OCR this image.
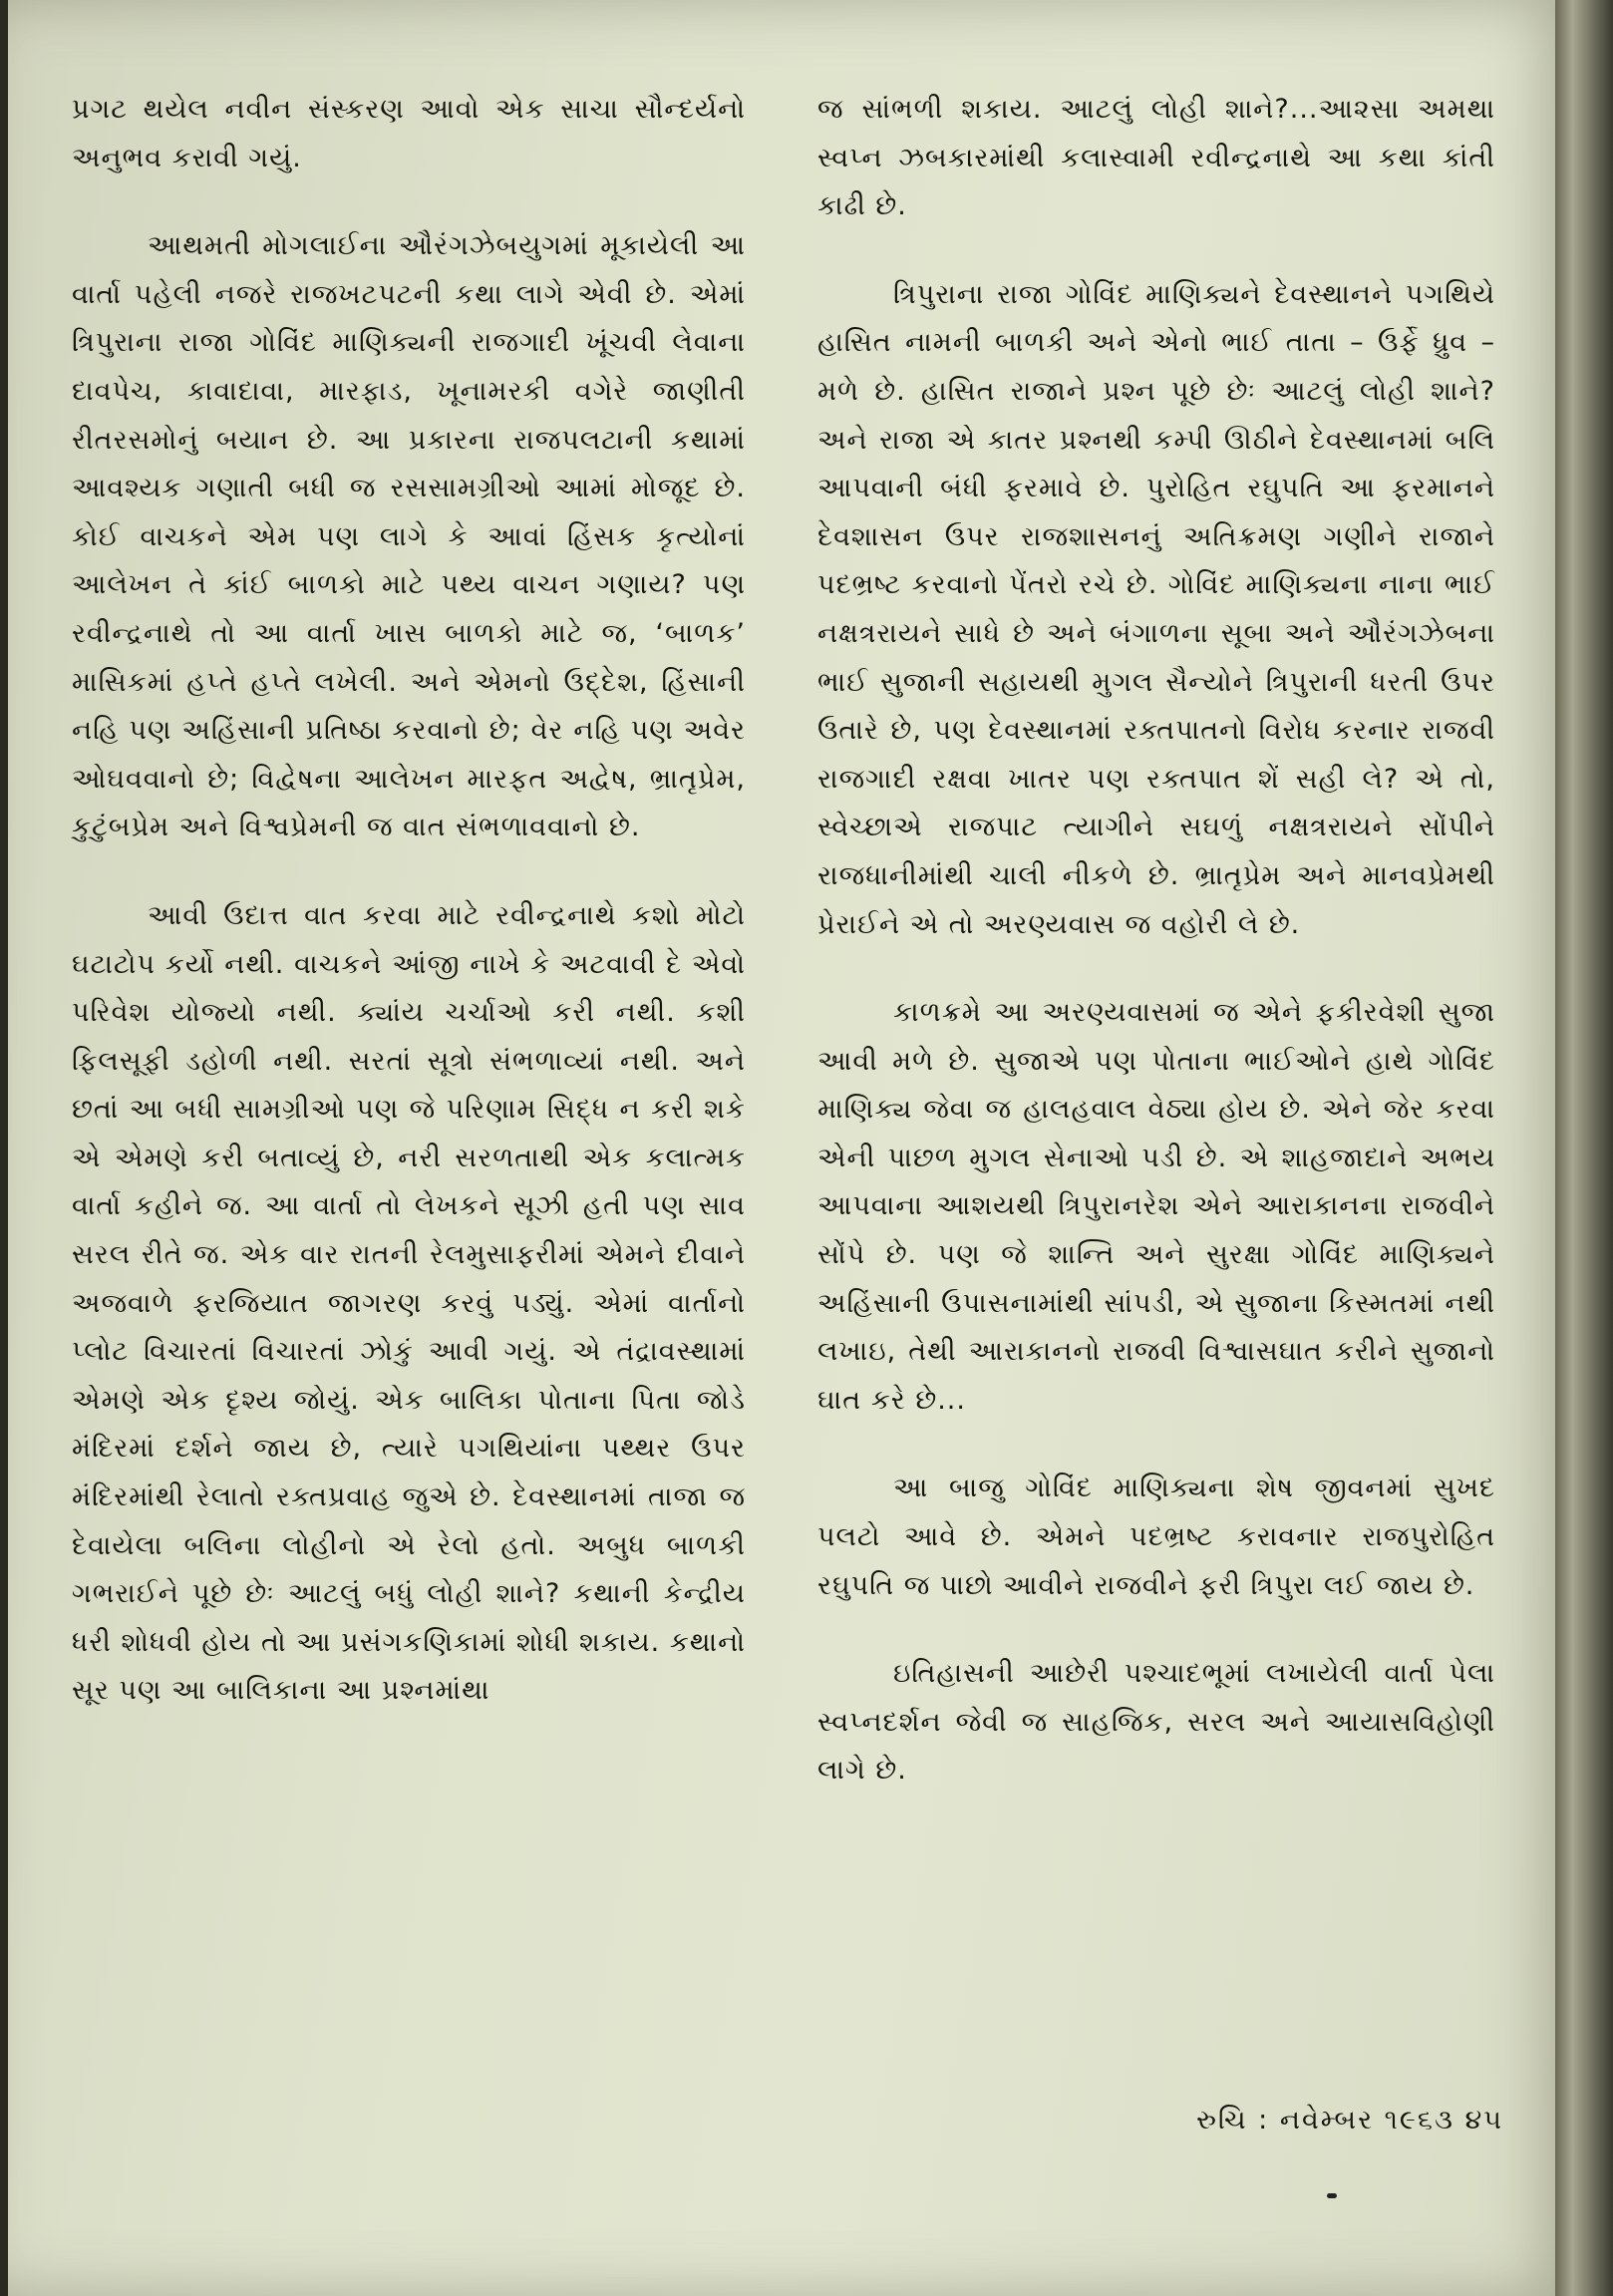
પ્રગટ થયેલ નવીન સંસ્કરણ આવો એક સાચા સૌન્દર્યનો અનુભવ કરાવી ગયું.

આથમતી મોગલાઈના ઔરંગઝેબયુગમાં મૂકાયેલી આ વાર્તા પહેલી નજરે રાજખટપટની કથા લાગે એવી છે. એમાં ત્રિપુરાના રાજા ગોવિંદ માણિક્યની રાજગાદી ખૂંચવી લેવાના દાવપેચ, કાવાદાવા, મારફાડ, ખૂનામરકી વગેરે જાણીતી રીતરસમોનું બયાન છે. આ પ્રકારના રાજપલટાની કથામાં આવશ્યક ગણાતી બધી જ રસસામગ્રીઓ આમાં મોજૂદ છે. કોઈ વાચકને એમ પણ લાગે કે આવાં હિંસક કૃત્યોનાં આલેખન તે કાંઈ બાળકો માટે પથ્ય વાચન ગણાય? પણ રવીન્દ્રનાથે તો આ વાર્તા ખાસ બાળકો માટે જ, ‘બાળક’ માસિકમાં હપ્તે હપ્તે લખેલી. અને એમનો ઉદ્દેશ, હિંસાની નહિ પણ અહિંસાની પ્રતિષ્ઠા કરવાનો છે; વેર નહિ પણ અવેર ઓઘવવાનો છે; વિદ્વેષના આલેખન મારફત અદ્વેષ, ભ્રાતૃપ્રેમ, કુટુંબપ્રેમ અને વિશ્વપ્રેમની જ વાત સંભળાવવાનો છે.

આવી ઉદાત્ત વાત કરવા માટે રવીન્દ્રનાથે કશો મોટો ઘટાટોપ કર્યો નથી. વાચકને આંજી નાખે કે અટવાવી દે એવો પરિવેશ યોજ્યો નથી. ક્યાંય ચર્ચાઓ કરી નથી. કશી ફિલસૂફી ડહોળી નથી. સરતાં સૂત્રો સંભળાવ્યાં નથી. અને છતાં આ બધી સામગ્રીઓ પણ જે પરિણામ સિદ્ધ ન કરી શકે એ એમણે કરી બતાવ્યું છે, નરી સરળતાથી એક કલાત્મક વાર્તા કહીને જ. આ વાર્તા તો લેખકને સૂઝી હતી પણ સાવ સરલ રીતે જ. એક વાર રાતની રેલમુસાફરીમાં એમને દીવાને અજવાળે ફરજિયાત જાગરણ કરવું પડ્યું. એમાં વાર્તાનો પ્લોટ વિચારતાં વિચારતાં ઝોકું આવી ગયું. એ તંદ્રાવસ્થામાં એમણે એક દૃશ્ય જોયું. એક બાલિકા પોતાના પિતા જોડે મંદિરમાં દર્શને જાય છે, ત્યારે પગથિયાંના પથ્થર ઉપર મંદિરમાંથી રેલાતો રક્તપ્રવાહ જુએ છે. દેવસ્થાનમાં તાજા જ દેવાયેલા બલિના લોહીનો એ રેલો હતો. અબુધ બાળકી ગભરાઈને પૂછે છેઃ આટલું બધું લોહી શાને? કથાની કેન્દ્રીય ધરી શોધવી હોય તો આ પ્રસંગકણિકામાં શોધી શકાય. કથાનો સૂર પણ આ બાલિકાના આ પ્રશ્નમાંથા

જ સાંભળી શકાય. આટલું લોહી શાને?...આ૨સા અમથા સ્વપ્ન ઝબકારમાંથી કલાસ્વામી રવીન્દ્રનાથે આ કથા કાંતી કાઢી છે.

ત્રિપુરાના રાજા ગોવિંદ માણિક્યને દેવસ્થાનને પગથિયે હાસિત નામની બાળકી અને એનો ભાઈ તાતા – ઉર્ફે ધ્રુવ – મળે છે. હાસિત રાજાને પ્રશ્ન પૂછે છેઃ આટલું લોહી શાને? અને રાજા એ કાતર પ્રશ્નથી કમ્પી ઊઠીને દેવસ્થાનમાં બલિ આપવાની બંધી ફરમાવે છે. પુરોહિત રઘુપતિ આ ફરમાનને દેવશાસન ઉપર રાજશાસનનું અતિક્રમણ ગણીને રાજાને પદભ્રષ્ટ કરવાનો પેંતરો રચે છે. ગોવિંદ માણિક્યના નાના ભાઈ નક્ષત્રરાયને સાધે છે અને બંગાળના સૂબા અને ઔરંગઝેબના ભાઈ સુજાની સહાયથી મુગલ સૈન્યોને ત્રિપુરાની ધરતી ઉપર ઉતારે છે, પણ દેવસ્થાનમાં રક્તપાતનો વિરોધ કરનાર રાજવી રાજગાદી રક્ષવા ખાતર પણ રક્તપાત શેં સહી લે? એ તો, સ્વેચ્છાએ રાજપાટ ત્યાગીને સઘળું નક્ષત્રરાયને સોંપીને રાજધાનીમાંથી ચાલી નીકળે છે. ભ્રાતૃપ્રેમ અને માનવપ્રેમથી પ્રેરાઈને એ તો અરણ્યવાસ જ વહોરી લે છે.

કાળક્રમે આ અરણ્યવાસમાં જ એને ફકીરવેશી સુજા આવી મળે છે. સુજાએ પણ પોતાના ભાઈઓને હાથે ગોવિંદ માણિક્ય જેવા જ હાલહવાલ વેઠ્યા હોય છે. એને જેર કરવા એની પાછળ મુગલ સેનાઓ પડી છે. એ શાહજાદાને અભય આપવાના આશયથી ત્રિપુરાનરેશ એને આરાકાનના રાજવીને સોંપે છે. પણ જે શાન્તિ અને સુરક્ષા ગોવિંદ માણિક્યને અહિંસાની ઉપાસનામાંથી સાંપડી, એ સુજાના કિસ્મતમાં નથી લખાઇ, તેથી આરાકાનનો રાજવી વિશ્વાસઘાત કરીને સુજાનો ઘાત કરે છે...

આ બાજુ ગોવિંદ માણિક્યના શેષ જીવનમાં સુખદ પલટો આવે છે. એમને પદભ્રષ્ટ કરાવનાર રાજપુરોહિત રઘુપતિ જ પાછો આવીને રાજવીને ફરી ત્રિપુરા લઈ જાય છે.

ઇતિહાસની આછેરી પશ્ચાદભૂમાં લખાયેલી વાર્તા પેલા સ્વપ્નદર્શન જેવી જ સાહજિક, સરલ અને આયાસવિહોણી લાગે છે.

રુચિ : નવેમ્બર ૧૯૬૩ ૪૫
